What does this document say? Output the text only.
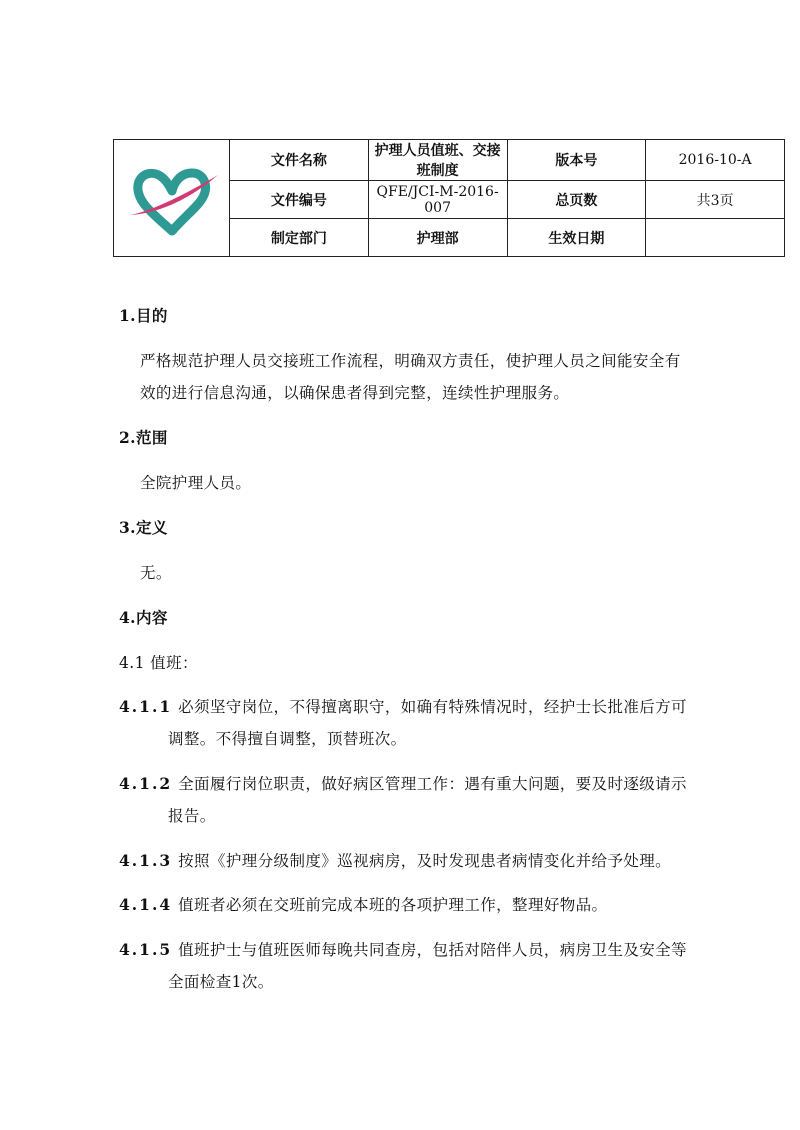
	文件名称	护理人员值班、交接班制度	版本号	2016-10-A
	文件编号	QFE/JCI-M-2016-007	总页数	共3页
	制定部门	护理部	生效日期	
1.目的
严格规范护理人员交接班工作流程，明确双方责任，使护理人员之间能安全有
效的进行信息沟通，以确保患者得到完整，连续性护理服务。
2.范围
全院护理人员。
3.定义
无。
4.内容
4.1 值班：
4.1.1 必须坚守岗位，不得擅离职守，如确有特殊情况时，经护士长批准后方可
调整。不得擅自调整，顶替班次。
4.1.2 全面履行岗位职责，做好病区管理工作：遇有重大问题，要及时逐级请示
报告。
4.1.3 按照《护理分级制度》巡视病房，及时发现患者病情变化并给予处理。
4.1.4 值班者必须在交班前完成本班的各项护理工作，整理好物品。
4.1.5 值班护士与值班医师每晚共同查房，包括对陪伴人员，病房卫生及安全等
全面检查1次。
